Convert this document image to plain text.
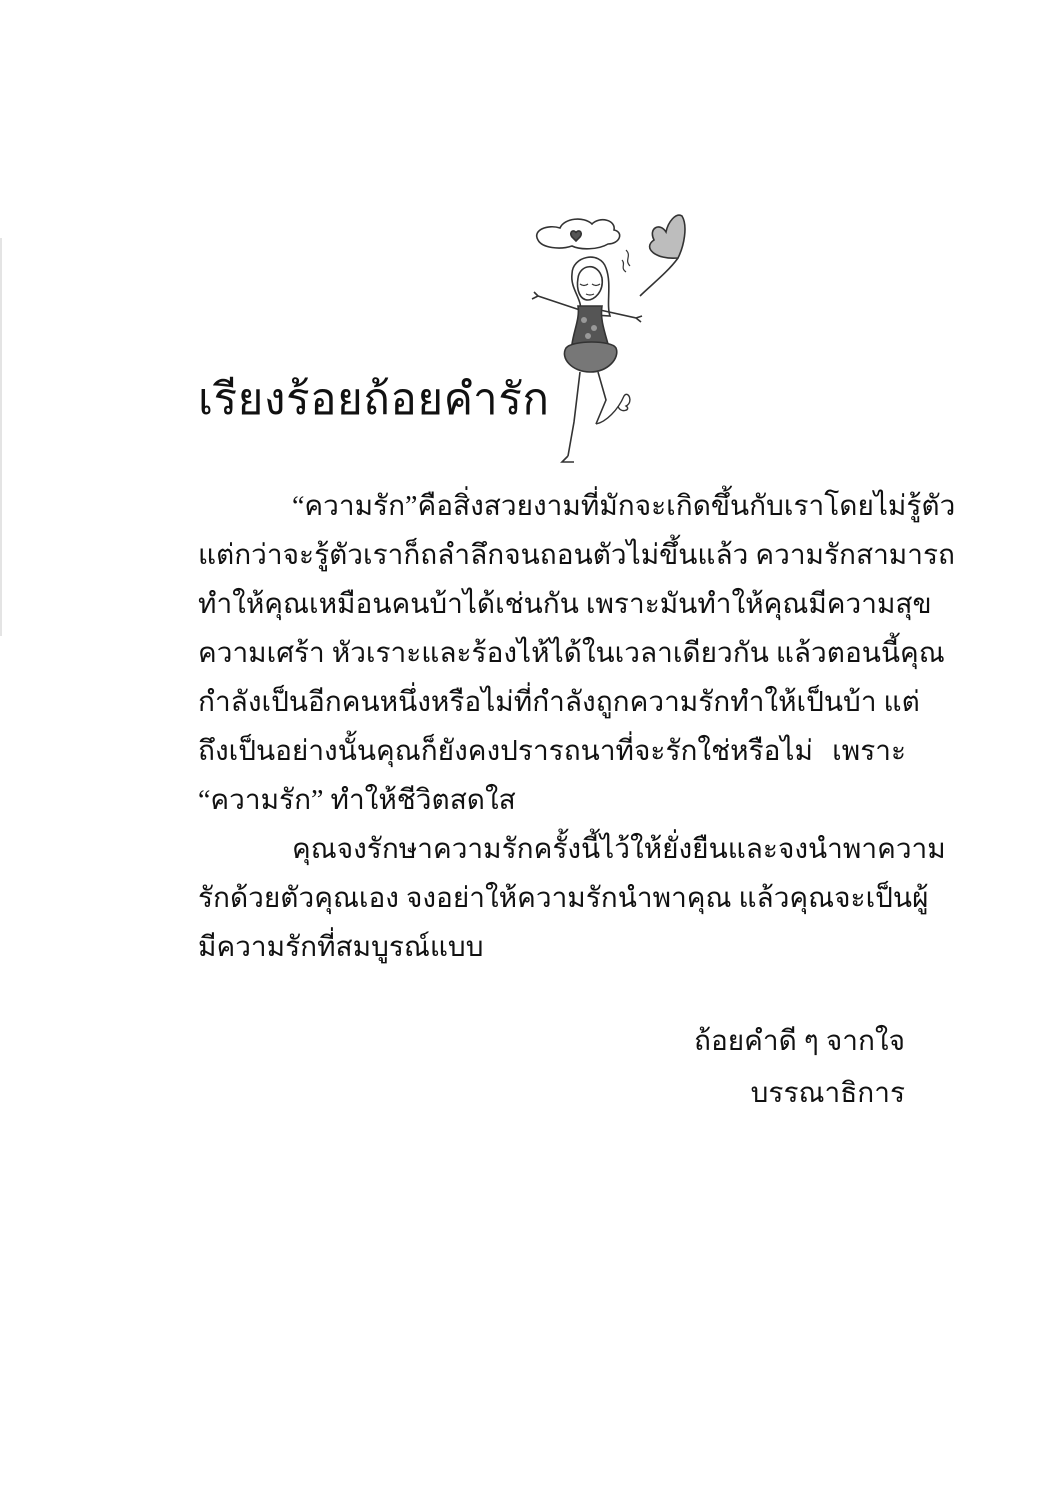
เรียงร้อยถ้อยคำรัก
“ความรัก”คือสิ่งสวยงามที่มักจะเกิดขึ้นกับเราโดยไม่รู้ตัว
แต่กว่าจะรู้ตัวเราก็ถลำลึกจนถอนตัวไม่ขึ้นแล้ว ความรักสามารถ
ทำให้คุณเหมือนคนบ้าได้เช่นกัน เพราะมันทำให้คุณมีความสุข
ความเศร้า หัวเราะและร้องไห้ได้ในเวลาเดียวกัน แล้วตอนนี้คุณ
กำลังเป็นอีกคนหนึ่งหรือไม่ที่กำลังถูกความรักทำให้เป็นบ้า แต่
ถึงเป็นอย่างนั้นคุณก็ยังคงปรารถนาที่จะรักใช่หรือไม่ เพราะ
“ความรัก” ทำให้ชีวิตสดใส
คุณจงรักษาความรักครั้งนี้ไว้ให้ยั่งยืนและจงนำพาความ
รักด้วยตัวคุณเอง จงอย่าให้ความรักนำพาคุณ แล้วคุณจะเป็นผู้
มีความรักที่สมบูรณ์แบบ
ถ้อยคำดี ๆ จากใจ
บรรณาธิการ
